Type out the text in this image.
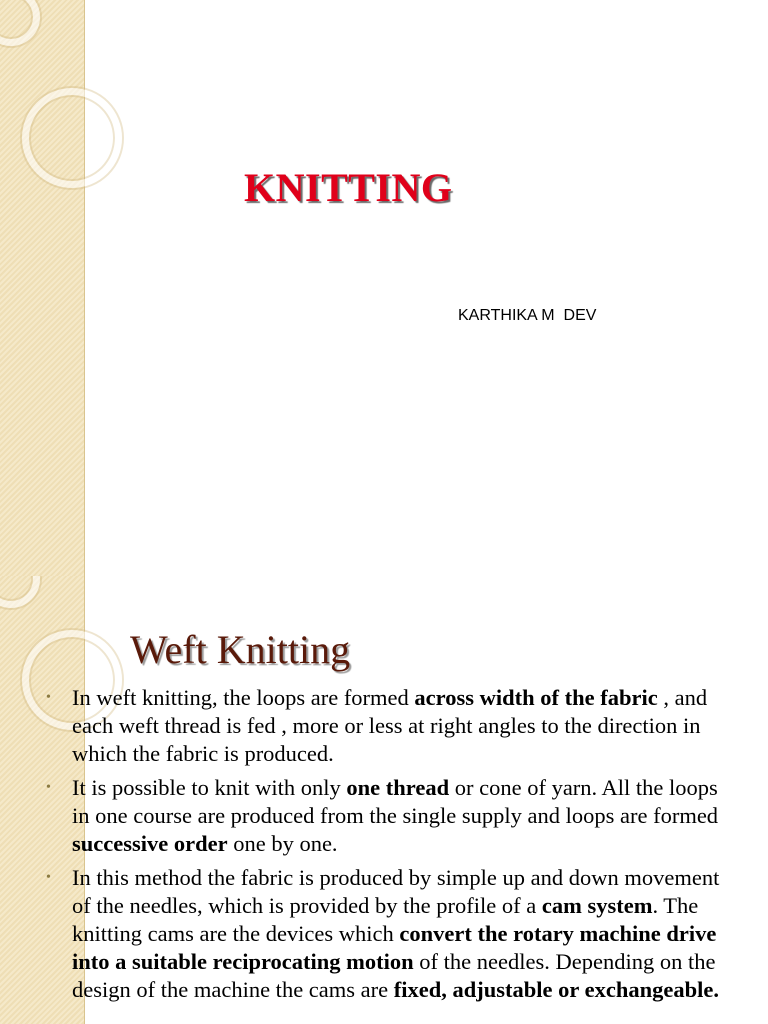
KNITTING

KARTHIKA M  DEV

Weft Knitting
• In weft knitting, the loops are formed across width of the fabric , and each weft thread is fed , more or less at right angles to the direction in which the fabric is produced.
• It is possible to knit with only one thread or cone of yarn. All the loops in one course are produced from the single supply and loops are formed successive order one by one.
• In this method the fabric is produced by simple up and down movement of the needles, which is provided by the profile of a cam system. The knitting cams are the devices which convert the rotary machine drive into a suitable reciprocating motion of the needles. Depending on the design of the machine the cams are fixed, adjustable or exchangeable.
